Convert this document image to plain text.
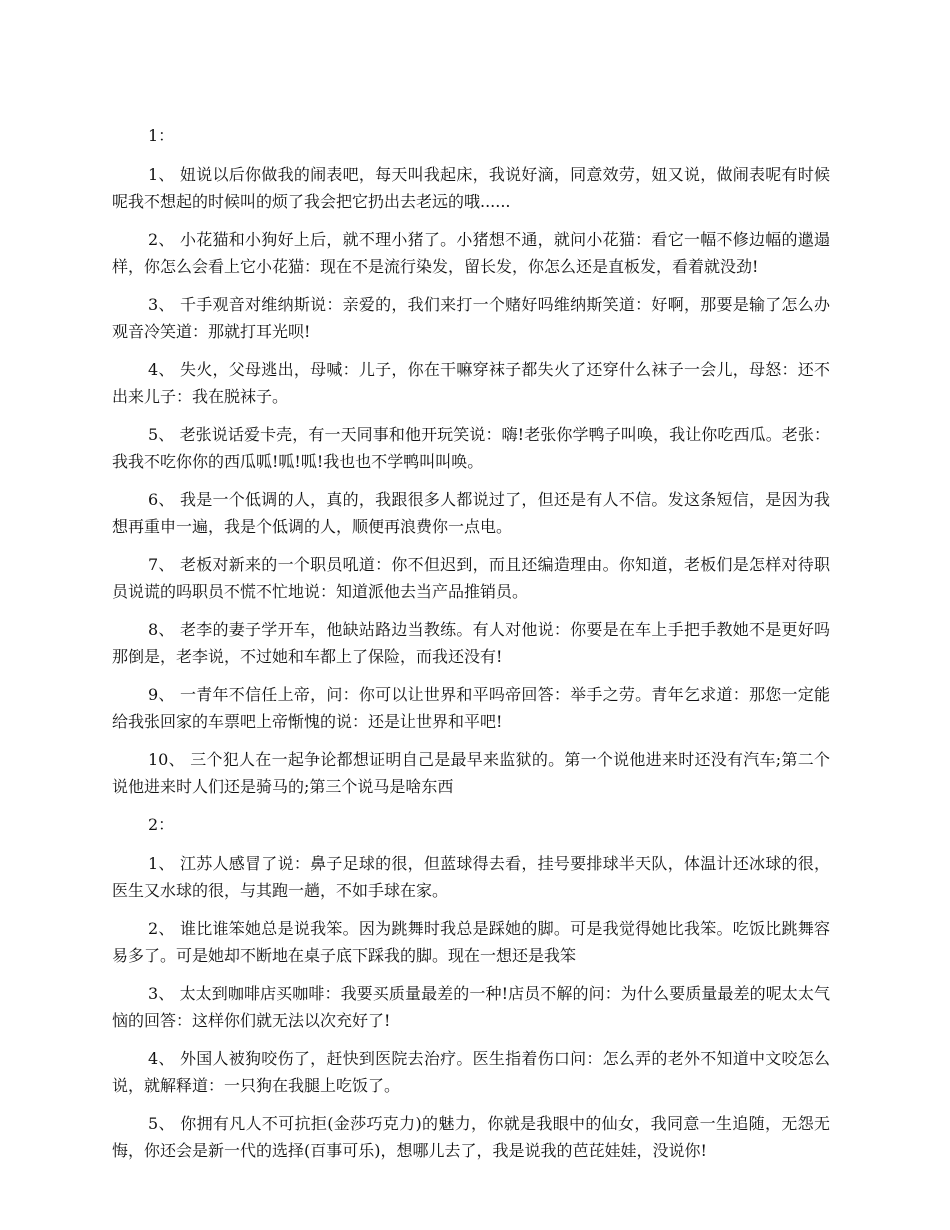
1：

1、 妞说以后你做我的闹表吧，每天叫我起床，我说好滴，同意效劳，妞又说，做闹表呢有时候呢我不想起的时候叫的烦了我会把它扔出去老远的哦......

2、 小花猫和小狗好上后，就不理小猪了。小猪想不通，就问小花猫：看它一幅不修边幅的邋遢样，你怎么会看上它小花猫：现在不是流行染发，留长发，你怎么还是直板发，看着就没劲!

3、 千手观音对维纳斯说：亲爱的，我们来打一个赌好吗维纳斯笑道：好啊，那要是输了怎么办观音冷笑道：那就打耳光呗!

4、 失火，父母逃出，母喊：儿子，你在干嘛穿袜子都失火了还穿什么袜子一会儿，母怒：还不出来儿子：我在脱袜子。

5、 老张说话爱卡壳，有一天同事和他开玩笑说：嗨!老张你学鸭子叫唤，我让你吃西瓜。老张：我我不吃你你的西瓜呱!呱!呱!我也也不学鸭叫叫唤。

6、 我是一个低调的人，真的，我跟很多人都说过了，但还是有人不信。发这条短信，是因为我想再重申一遍，我是个低调的人，顺便再浪费你一点电。

7、 老板对新来的一个职员吼道：你不但迟到，而且还编造理由。你知道，老板们是怎样对待职员说谎的吗职员不慌不忙地说：知道派他去当产品推销员。

8、 老李的妻子学开车，他缺站路边当教练。有人对他说：你要是在车上手把手教她不是更好吗那倒是，老李说，不过她和车都上了保险，而我还没有!

9、 一青年不信任上帝，问：你可以让世界和平吗帝回答：举手之劳。青年乞求道：那您一定能给我张回家的车票吧上帝惭愧的说：还是让世界和平吧!

10、 三个犯人在一起争论都想证明自己是最早来监狱的。第一个说他进来时还没有汽车;第二个说他进来时人们还是骑马的;第三个说马是啥东西

2：

1、 江苏人感冒了说：鼻子足球的很，但蓝球得去看，挂号要排球半天队，体温计还冰球的很，医生又水球的很，与其跑一趟，不如手球在家。

2、 谁比谁笨她总是说我笨。因为跳舞时我总是踩她的脚。可是我觉得她比我笨。吃饭比跳舞容易多了。可是她却不断地在桌子底下踩我的脚。现在一想还是我笨

3、 太太到咖啡店买咖啡：我要买质量最差的一种!店员不解的问：为什么要质量最差的呢太太气恼的回答：这样你们就无法以次充好了!

4、 外国人被狗咬伤了，赶快到医院去治疗。医生指着伤口问：怎么弄的老外不知道中文咬怎么说，就解释道：一只狗在我腿上吃饭了。

5、 你拥有凡人不可抗拒(金莎巧克力)的魅力，你就是我眼中的仙女，我同意一生追随，无怨无悔，你还会是新一代的选择(百事可乐)，想哪儿去了，我是说我的芭芘娃娃，没说你!
